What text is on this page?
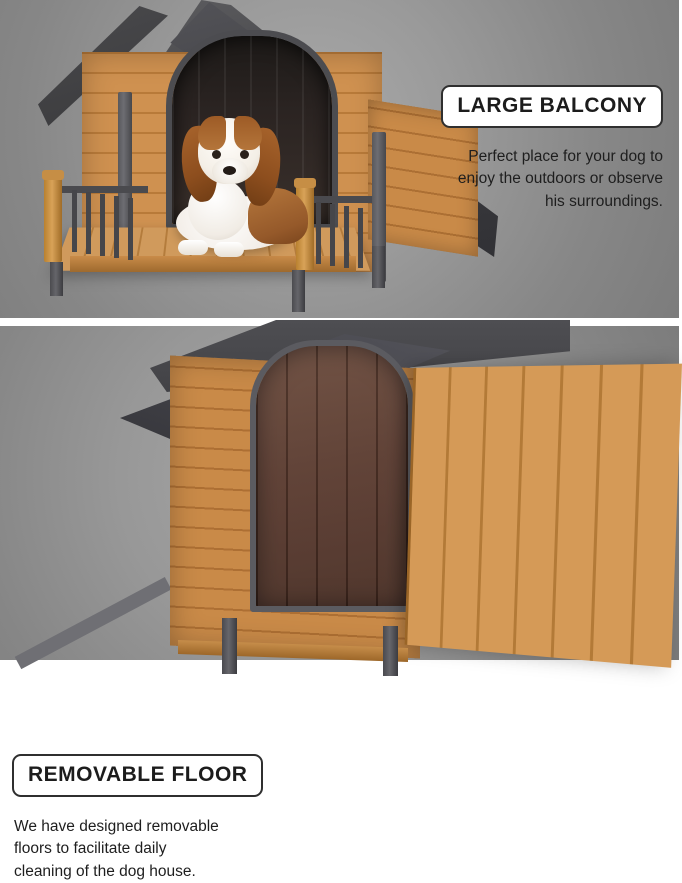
LARGE BALCONY
Perfect place for your dog to enjoy the outdoors or observe his surroundings.
REMOVABLE FLOOR
We have designed removable floors to facilitate daily cleaning of the dog house.
